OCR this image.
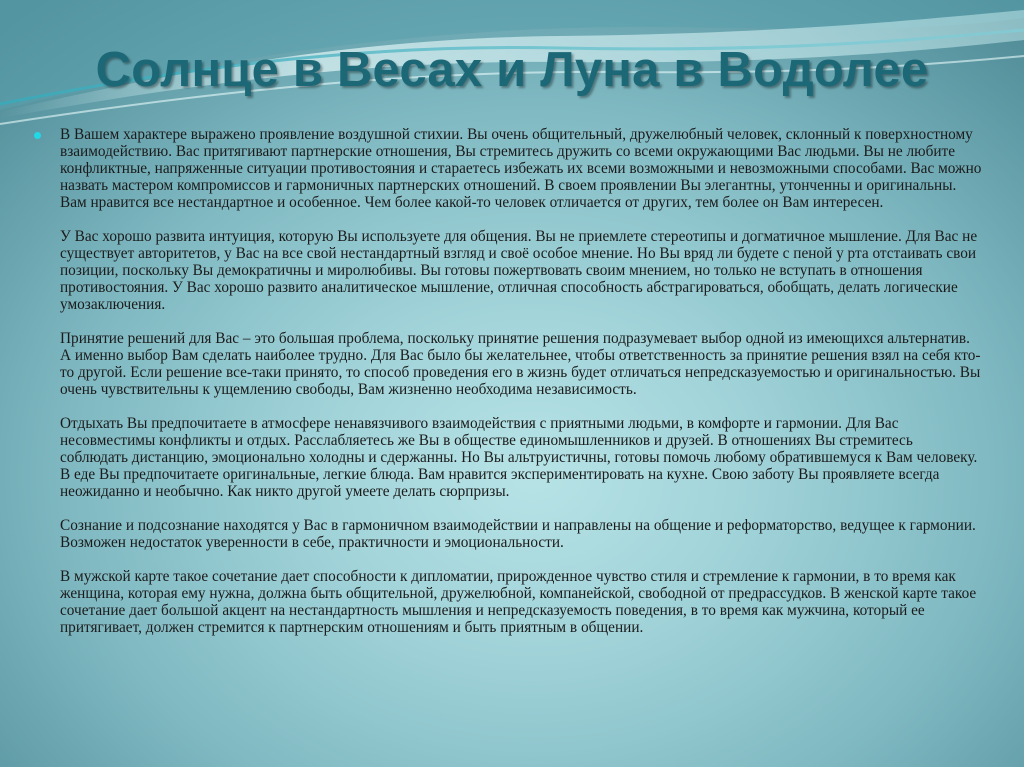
Солнце в Весах и Луна в Водолее

В Вашем характере выражено проявление воздушной стихии. Вы очень общительный, дружелюбный человек, склонный к поверхностному взаимодействию. Вас притягивают партнерские отношения, Вы стремитесь дружить со всеми окружающими Вас людьми. Вы не любите конфликтные, напряженные ситуации противостояния и стараетесь избежать их всеми возможными и невозможными способами. Вас можно назвать мастером компромиссов и гармоничных партнерских отношений. В своем проявлении Вы элегантны, утонченны и оригинальны. Вам нравится все нестандартное и особенное. Чем более какой-то человек отличается от других, тем более он Вам интересен.

У Вас хорошо развита интуиция, которую Вы используете для общения. Вы не приемлете стереотипы и догматичное мышление. Для Вас не существует авторитетов, у Вас на все свой нестандартный взгляд и своё особое мнение. Но Вы вряд ли будете с пеной у рта отстаивать свои позиции, поскольку Вы демократичны и миролюбивы. Вы готовы пожертвовать своим мнением, но только не вступать в отношения противостояния. У Вас хорошо развито аналитическое мышление, отличная способность абстрагироваться, обобщать, делать логические умозаключения.

Принятие решений для Вас – это большая проблема, поскольку принятие решения подразумевает выбор одной из имеющихся альтернатив. А именно выбор Вам сделать наиболее трудно. Для Вас было бы желательнее, чтобы ответственность за принятие решения взял на себя кто-то другой. Если решение все-таки принято, то способ проведения его в жизнь будет отличаться непредсказуемостью и оригинальностью. Вы очень чувствительны к ущемлению свободы, Вам жизненно необходима независимость.

Отдыхать Вы предпочитаете в атмосфере ненавязчивого взаимодействия с приятными людьми, в комфорте и гармонии. Для Вас несовместимы конфликты и отдых. Расслабляетесь же Вы в обществе единомышленников и друзей. В отношениях Вы стремитесь соблюдать дистанцию, эмоционально холодны и сдержанны. Но Вы альтруистичны, готовы помочь любому обратившемуся к Вам человеку. В еде Вы предпочитаете оригинальные, легкие блюда. Вам нравится экспериментировать на кухне. Свою заботу Вы проявляете всегда неожиданно и необычно. Как никто другой умеете делать сюрпризы.

Сознание и подсознание находятся у Вас в гармоничном взаимодействии и направлены на общение и реформаторство, ведущее к гармонии. Возможен недостаток уверенности в себе, практичности и эмоциональности.

В мужской карте такое сочетание дает способности к дипломатии, прирожденное чувство стиля и стремление к гармонии, в то время как женщина, которая ему нужна, должна быть общительной, дружелюбной, компанейской, свободной от предрассудков. В женской карте такое сочетание дает большой акцент на нестандартность мышления и непредсказуемость поведения, в то время как мужчина, который ее притягивает, должен стремится к партнерским отношениям и быть приятным в общении.
